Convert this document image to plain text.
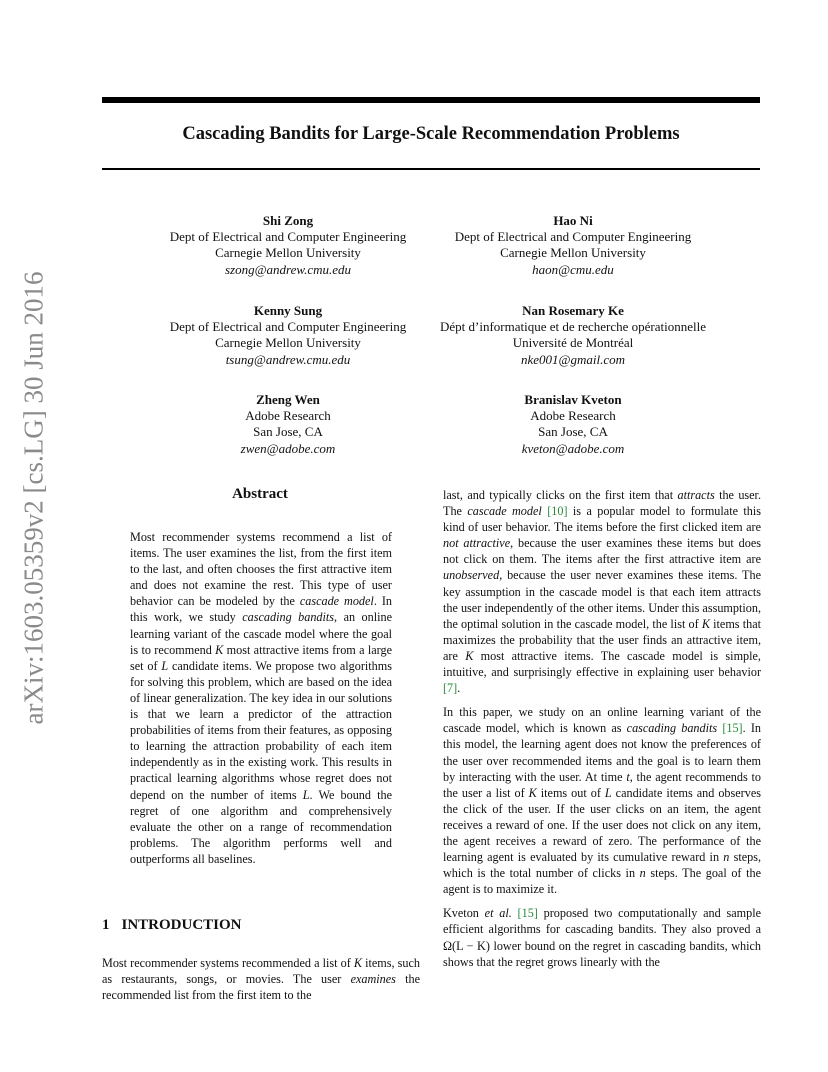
Cascading Bandits for Large-Scale Recommendation Problems
arXiv:1603.05359v2 [cs.LG] 30 Jun 2016
Shi Zong
Dept of Electrical and Computer Engineering
Carnegie Mellon University
szong@andrew.cmu.edu
Hao Ni
Dept of Electrical and Computer Engineering
Carnegie Mellon University
haon@cmu.edu
Kenny Sung
Dept of Electrical and Computer Engineering
Carnegie Mellon University
tsung@andrew.cmu.edu
Nan Rosemary Ke
Dépt d’informatique et de recherche opérationnelle
Université de Montréal
nke001@gmail.com
Zheng Wen
Adobe Research
San Jose, CA
zwen@adobe.com
Branislav Kveton
Adobe Research
San Jose, CA
kveton@adobe.com
Abstract
Most recommender systems recommend a list of items. The user examines the list, from the first item to the last, and often chooses the first attractive item and does not examine the rest. This type of user behavior can be modeled by the cascade model. In this work, we study cascading bandits, an online learning variant of the cascade model where the goal is to recommend K most attractive items from a large set of L candidate items. We propose two algorithms for solving this problem, which are based on the idea of linear generalization. The key idea in our solutions is that we learn a predictor of the attraction probabilities of items from their features, as opposing to learning the attraction probability of each item independently as in the existing work. This results in practical learning algorithms whose regret does not depend on the number of items L. We bound the regret of one algorithm and comprehensively evaluate the other on a range of recommendation problems. The algorithm performs well and outperforms all baselines.
1 INTRODUCTION

Most recommender systems recommended a list of K items, such as restaurants, songs, or movies. The user examines the recommended list from the first item to the

last, and typically clicks on the first item that attracts the user. The cascade model [10] is a popular model to formulate this kind of user behavior. The items before the first clicked item are not attractive, because the user examines these items but does not click on them. The items after the first attractive item are unobserved, because the user never examines these items. The key assumption in the cascade model is that each item attracts the user independently of the other items. Under this assumption, the optimal solution in the cascade model, the list of K items that maximizes the probability that the user finds an attractive item, are K most attractive items. The cascade model is simple, intuitive, and surprisingly effective in explaining user behavior [7].

In this paper, we study on an online learning variant of the cascade model, which is known as cascading bandits [15]. In this model, the learning agent does not know the preferences of the user over recommended items and the goal is to learn them by interacting with the user. At time t, the agent recommends to the user a list of K items out of L candidate items and observes the click of the user. If the user clicks on an item, the agent receives a reward of one. If the user does not click on any item, the agent receives a reward of zero. The performance of the learning agent is evaluated by its cumulative reward in n steps, which is the total number of clicks in n steps. The goal of the agent is to maximize it.

Kveton et al. [15] proposed two computationally and sample efficient algorithms for cascading bandits. They also proved a Ω(L − K) lower bound on the regret in cascading bandits, which shows that the regret grows linearly with the
